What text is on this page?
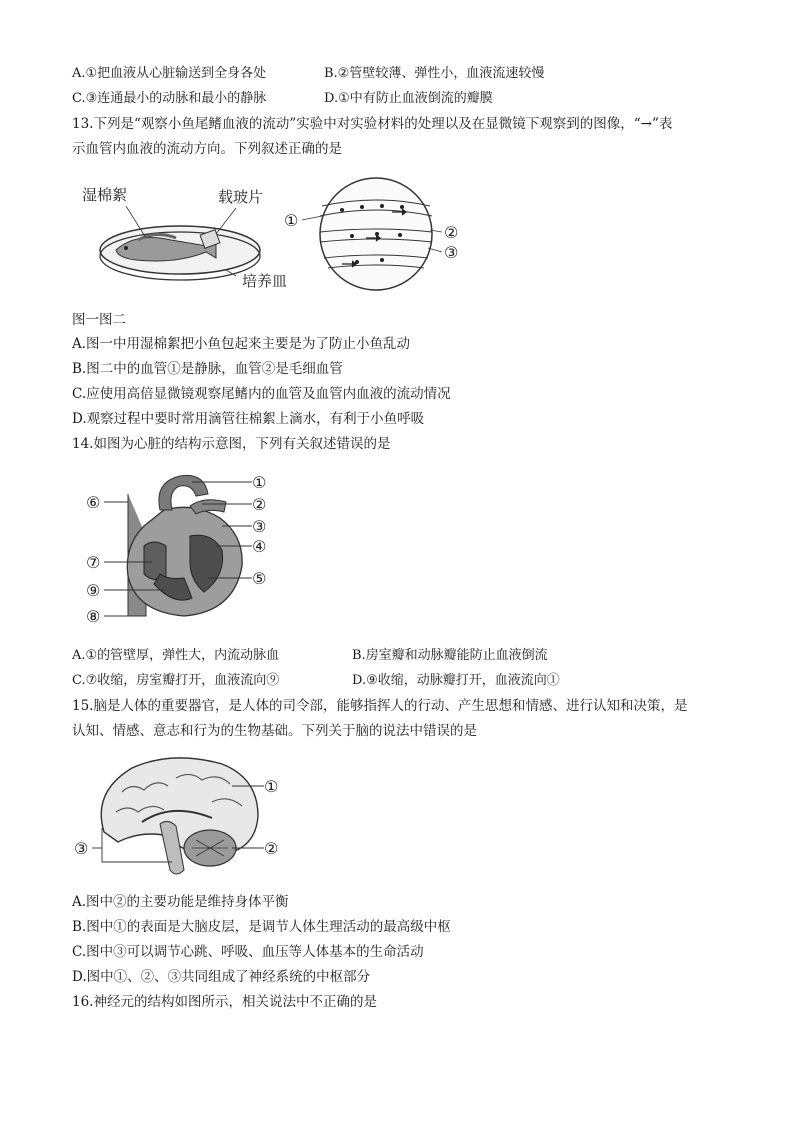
A.①把血液从心脏输送到全身各处	B.②管壁较薄、弹性小，血液流速较慢
C.③连通最小的动脉和最小的静脉	D.①中有防止血液倒流的瓣膜
13.下列是“观察小鱼尾鳍血液的流动”实验中对实验材料的处理以及在显微镜下观察到的图像，“→”表
示血管内血液的流动方向。下列叙述正确的是
湿棉絮	载玻片
培养皿
①
②
③
图一图二
A.图一中用湿棉絮把小鱼包起来主要是为了防止小鱼乱动
B.图二中的血管①是静脉，血管②是毛细血管
C.应使用高倍显微镜观察尾鳍内的血管及血管内血液的流动情况
D.观察过程中要时常用滴管往棉絮上滴水，有利于小鱼呼吸
14.如图为心脏的结构示意图，下列有关叙述错误的是
①
②
③
④
⑤
⑥
⑦
⑧
⑨
A.①的管壁厚，弹性大，内流动脉血	B.房室瓣和动脉瓣能防止血液倒流
C.⑦收缩，房室瓣打开，血液流向⑨	D.⑨收缩，动脉瓣打开，血液流向①
15.脑是人体的重要器官，是人体的司令部，能够指挥人的行动、产生思想和情感、进行认知和决策，是
认知、情感、意志和行为的生物基础。下列关于脑的说法中错误的是
①
②
③
A.图中②的主要功能是维持身体平衡
B.图中①的表面是大脑皮层，是调节人体生理活动的最高级中枢
C.图中③可以调节心跳、呼吸、血压等人体基本的生命活动
D.图中①、②、③共同组成了神经系统的中枢部分
16.神经元的结构如图所示，相关说法中不正确的是
